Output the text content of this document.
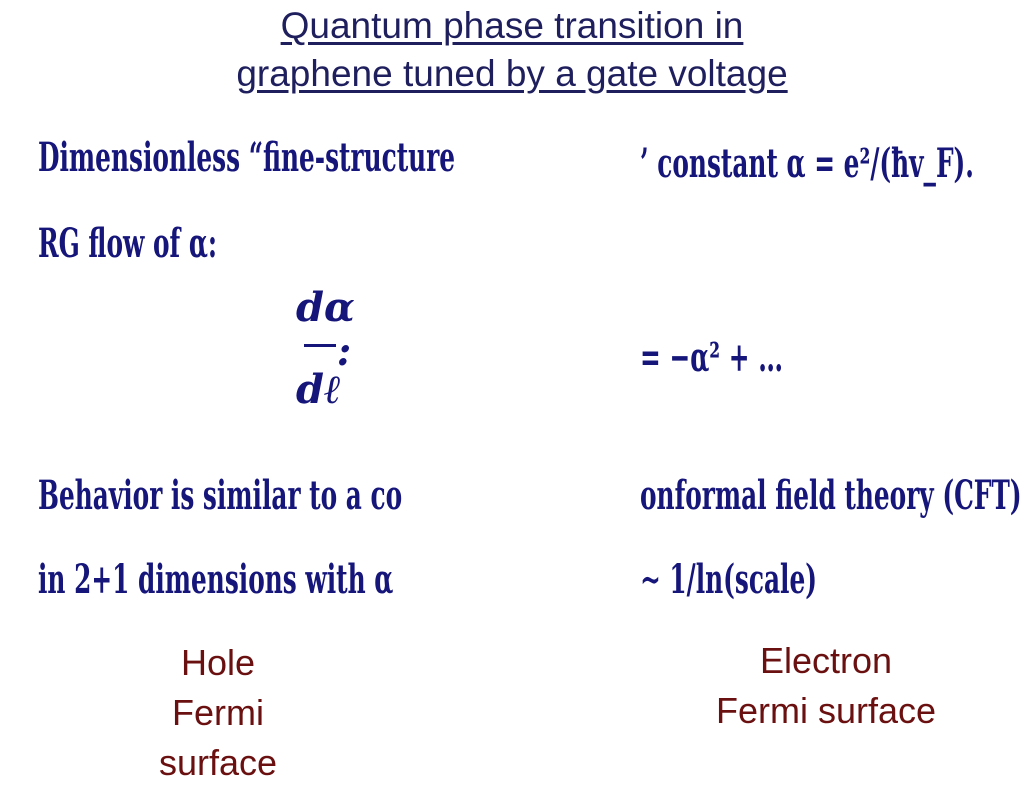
Quantum phase transition in
graphene tuned by a gate voltage
Dimensionless “fine-structure
RG flow of α:
dα
dℓ
:
Behavior is similar to a co
in 2+1 dimensions with α
’ constant α = e²/(ħv_F).
= −α² + …
onformal field theory (CFT)
∼ 1/ln(scale)
Hole
Fermi
surface
Electron
Fermi surface
